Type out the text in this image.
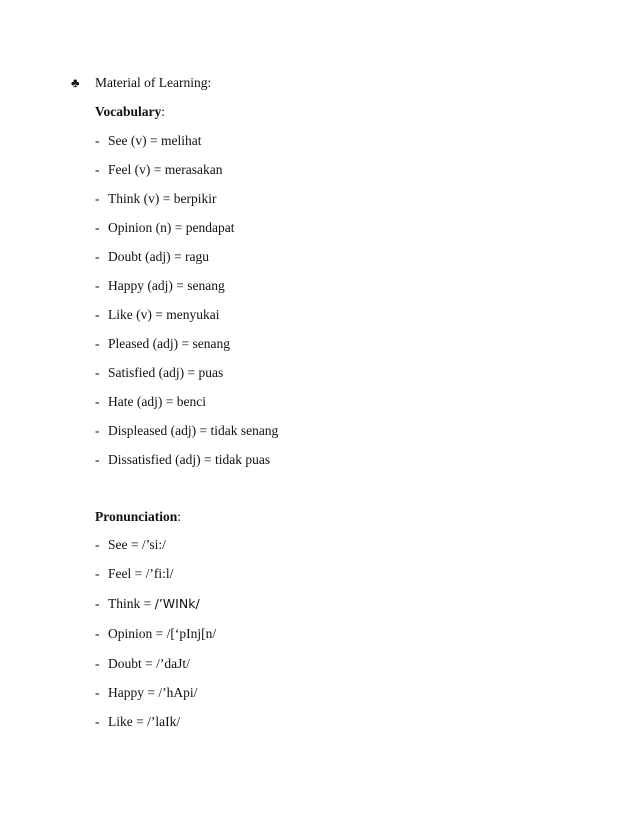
♣ Material of Learning:
Vocabulary:
- See (v) = melihat
- Feel (v) = merasakan
- Think (v) = berpikir
- Opinion (n) = pendapat
- Doubt (adj) = ragu
- Happy (adj) = senang
- Like (v) = menyukai
- Pleased (adj) = senang
- Satisfied (adj) = puas
- Hate (adj) = benci
- Displeased (adj) = tidak senang
- Dissatisfied (adj) = tidak puas
Pronunciation:
- See = /’si:/
- Feel = /’fi:l/
- Think = /’WINk/
- Opinion = /[‘pInj[n/
- Doubt = /’daJt/
- Happy = /’hApi/
- Like = /’laIk/
